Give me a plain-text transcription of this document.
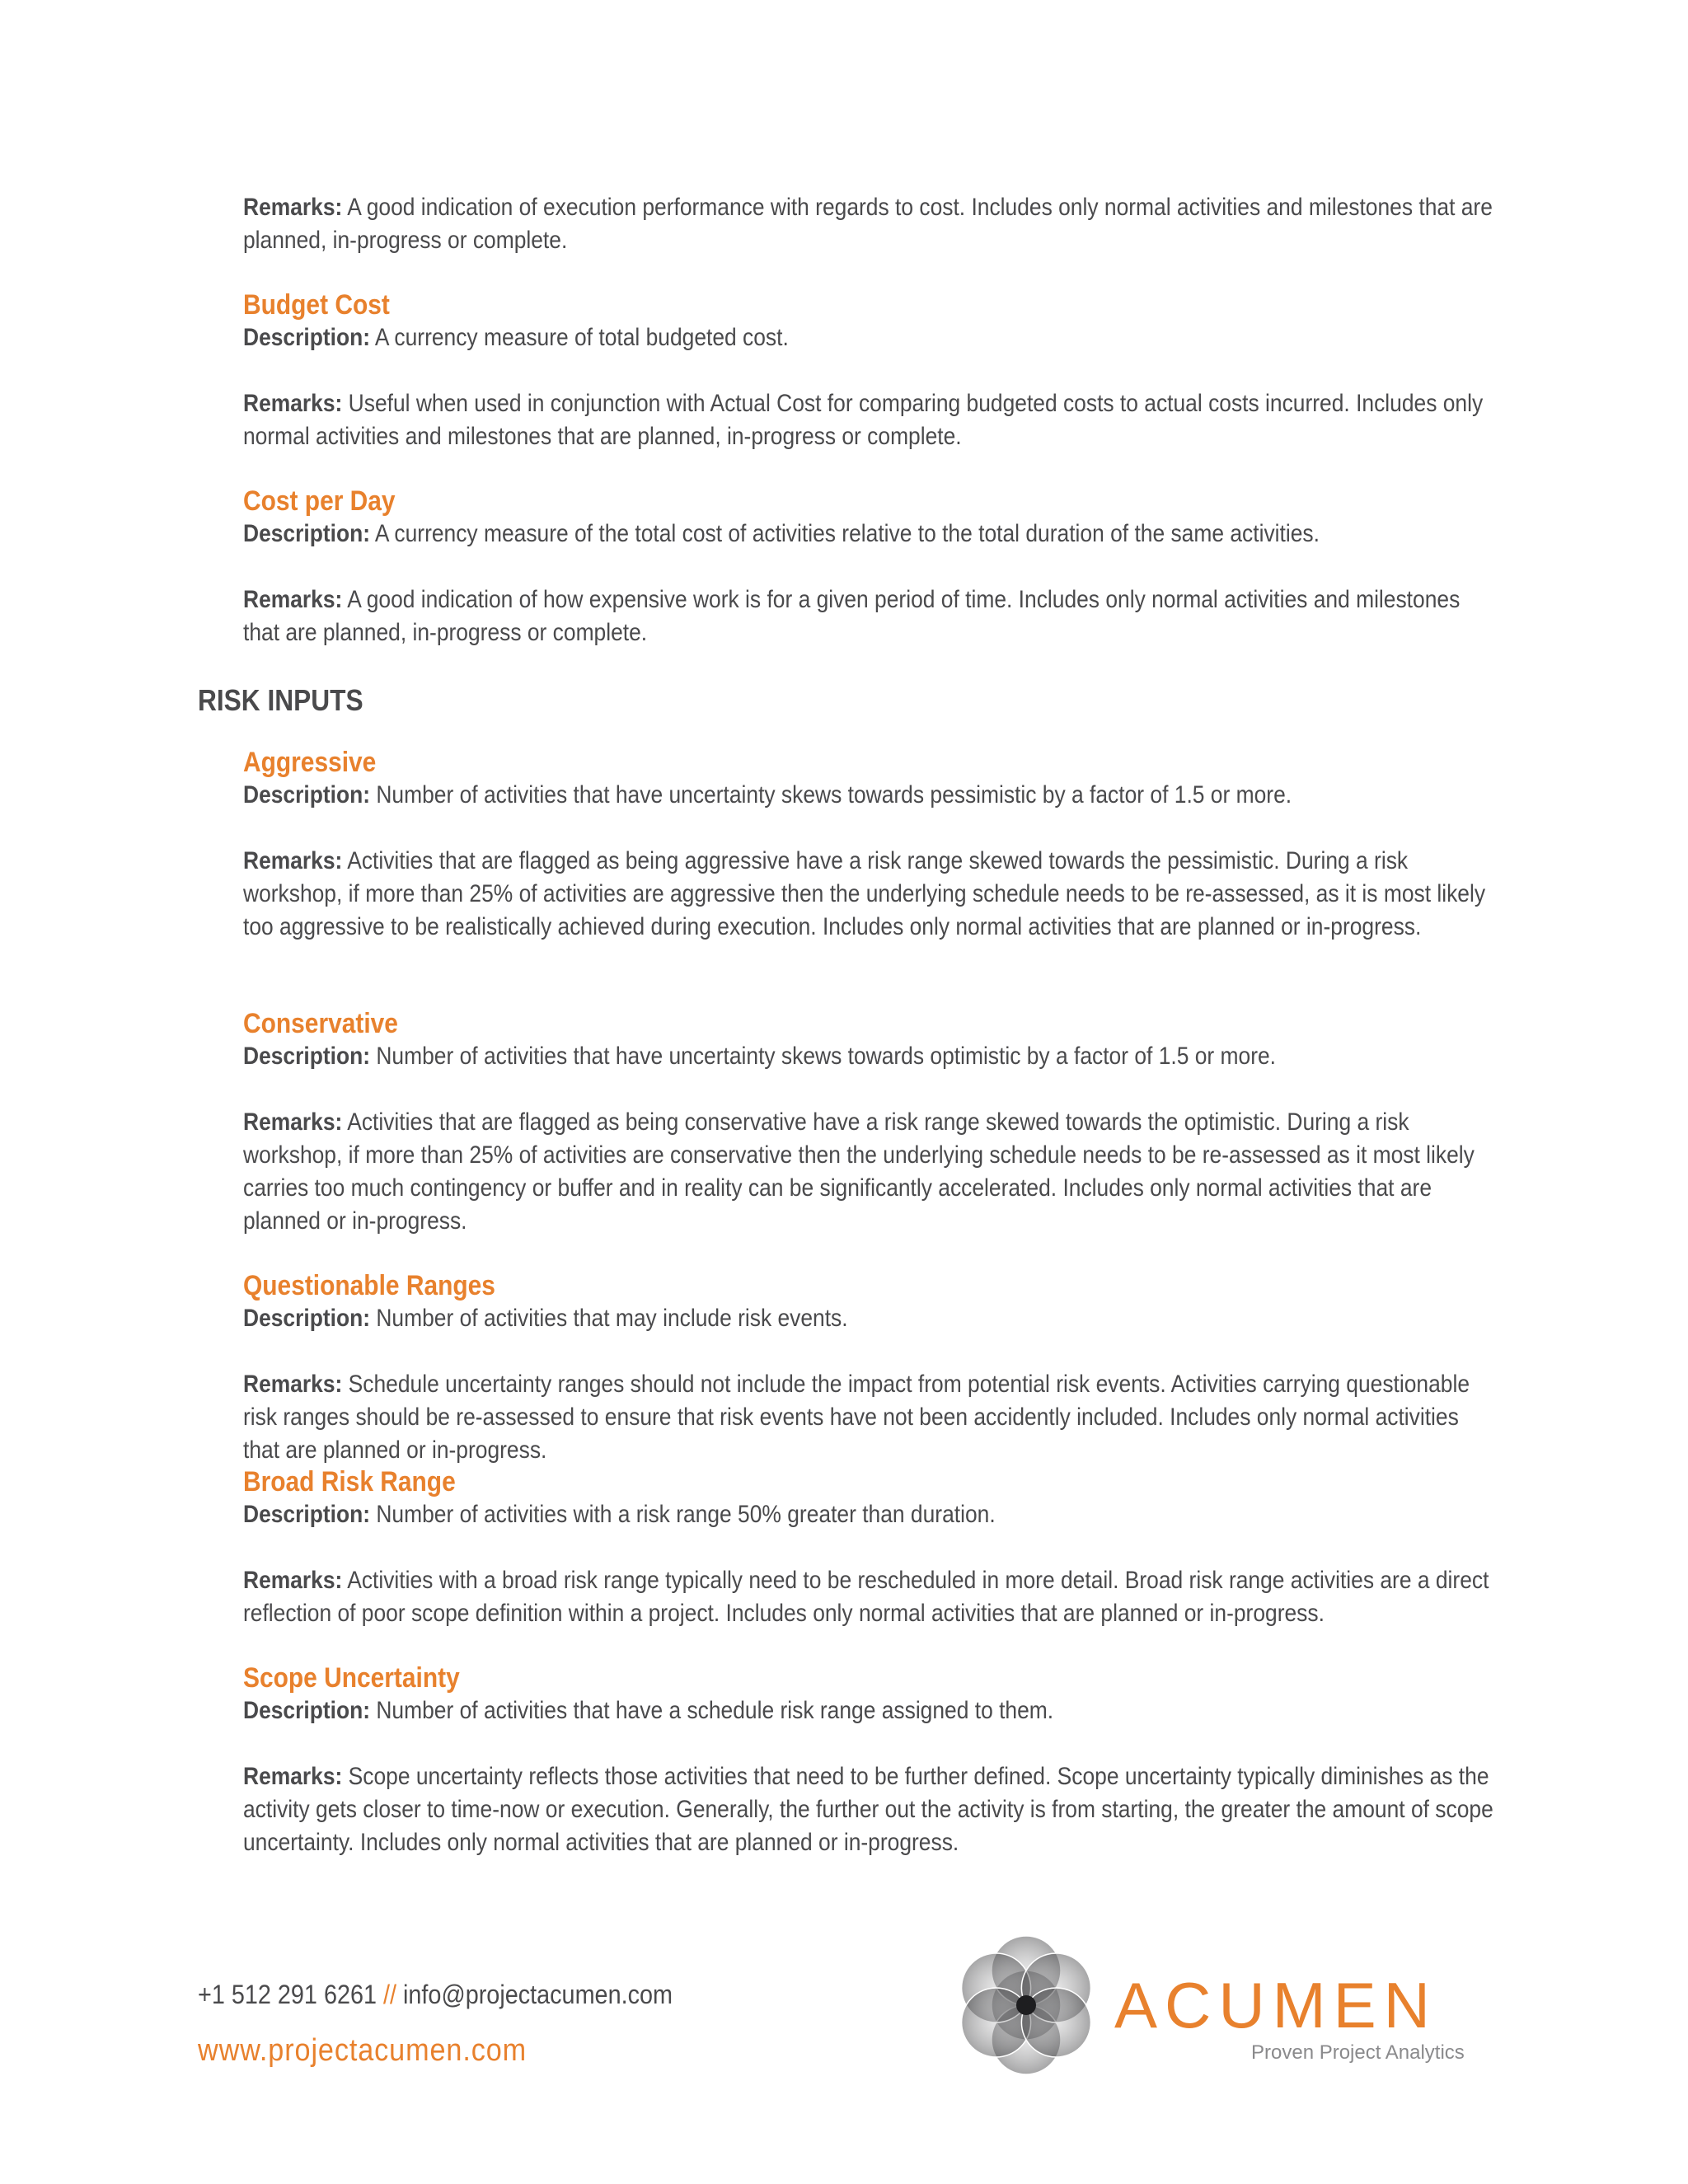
Remarks: A good indication of execution performance with regards to cost. Includes only normal activities and milestones that are planned, in-progress or complete.

Budget Cost

Description: A currency measure of total budgeted cost.

Remarks: Useful when used in conjunction with Actual Cost for comparing budgeted costs to actual costs incurred. Includes only normal activities and milestones that are planned, in-progress or complete.

Cost per Day

Description: A currency measure of the total cost of activities relative to the total duration of the same activities.

Remarks: A good indication of how expensive work is for a given period of time. Includes only normal activities and milestones that are planned, in-progress or complete.

RISK INPUTS
Aggressive

Description: Number of activities that have uncertainty skews towards pessimistic by a factor of 1.5 or more.

Remarks: Activities that are flagged as being aggressive have a risk range skewed towards the pessimistic. During a risk workshop, if more than 25% of activities are aggressive then the underlying schedule needs to be re-assessed, as it is most likely too aggressive to be realistically achieved during execution. Includes only normal activities that are planned or in-progress.

Conservative

Description: Number of activities that have uncertainty skews towards optimistic by a factor of 1.5 or more.

Remarks: Activities that are flagged as being conservative have a risk range skewed towards the optimistic. During a risk workshop, if more than 25% of activities are conservative then the underlying schedule needs to be re-assessed as it most likely carries too much contingency or buffer and in reality can be significantly accelerated. Includes only normal activities that are planned or in-progress.

Questionable Ranges

Description: Number of activities that may include risk events.

Remarks: Schedule uncertainty ranges should not include the impact from potential risk events. Activities carrying questionable risk ranges should be re-assessed to ensure that risk events have not been accidently included. Includes only normal activities that are planned or in-progress.

Broad Risk Range

Description: Number of activities with a risk range 50% greater than duration.

Remarks: Activities with a broad risk range typically need to be rescheduled in more detail. Broad risk range activities are a direct reflection of poor scope definition within a project. Includes only normal activities that are planned or in-progress.

Scope Uncertainty

Description: Number of activities that have a schedule risk range assigned to them.

Remarks: Scope uncertainty reflects those activities that need to be further defined. Scope uncertainty typically diminishes as the activity gets closer to time-now or execution. Generally, the further out the activity is from starting, the greater the amount of scope uncertainty. Includes only normal activities that are planned or in-progress.

+1 512 291 6261 // info@projectacumen.com
www.projectacumen.com
ACUMEN
Proven Project Analytics
